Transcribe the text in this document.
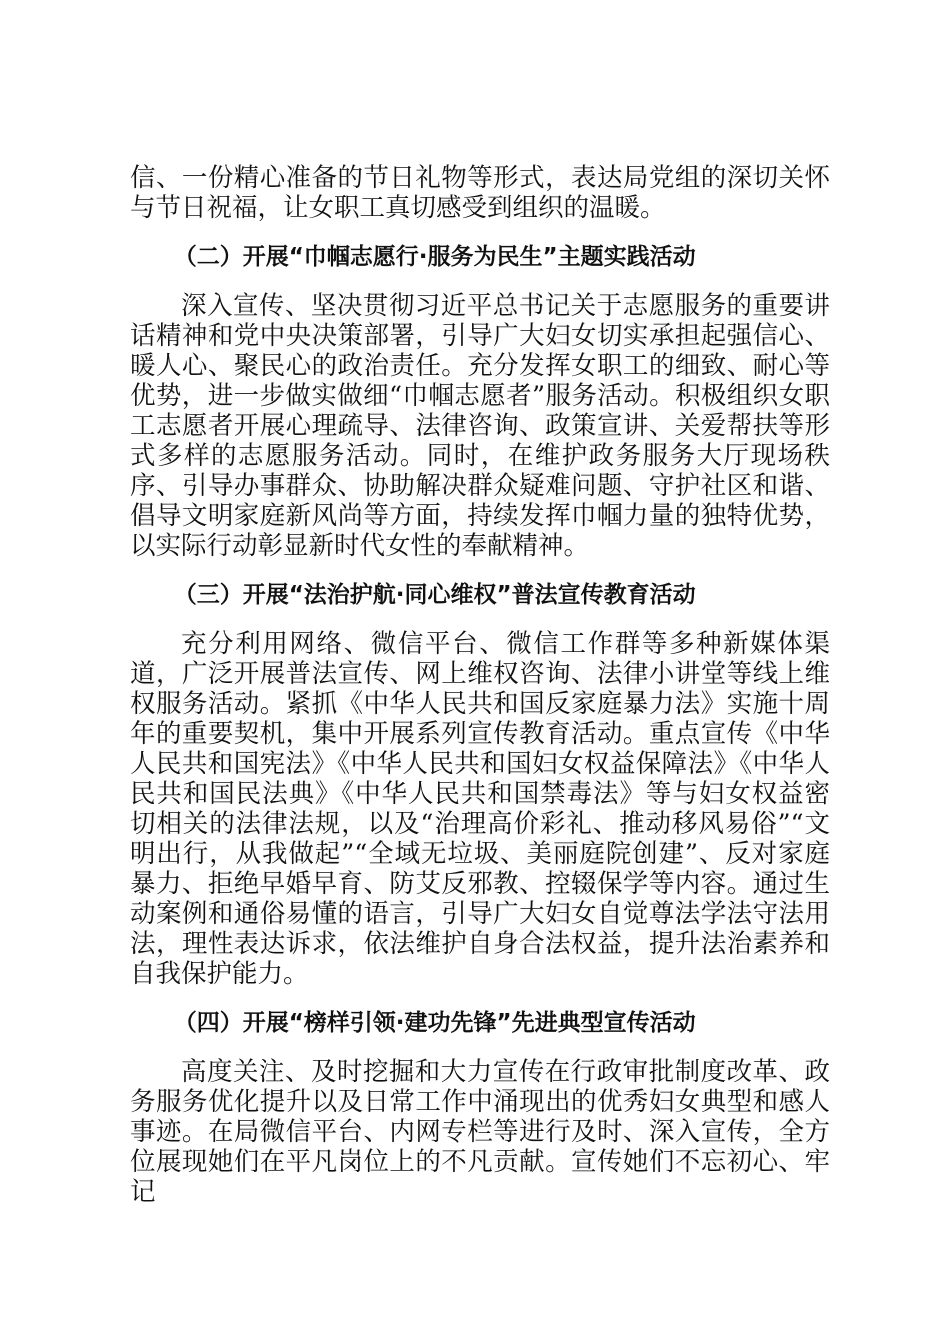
信、一份精心准备的节日礼物等形式，表达局党组的深切关怀与节日祝福，让女职工真切感受到组织的温暖。

（二）开展“巾帼志愿行·服务为民生”主题实践活动

深入宣传、坚决贯彻习近平总书记关于志愿服务的重要讲话精神和党中央决策部署，引导广大妇女切实承担起强信心、暖人心、聚民心的政治责任。充分发挥女职工的细致、耐心等优势，进一步做实做细“巾帼志愿者”服务活动。积极组织女职工志愿者开展心理疏导、法律咨询、政策宣讲、关爱帮扶等形式多样的志愿服务活动。同时，在维护政务服务大厅现场秩序、引导办事群众、协助解决群众疑难问题、守护社区和谐、倡导文明家庭新风尚等方面，持续发挥巾帼力量的独特优势，以实际行动彰显新时代女性的奉献精神。

（三）开展“法治护航·同心维权”普法宣传教育活动

充分利用网络、微信平台、微信工作群等多种新媒体渠道，广泛开展普法宣传、网上维权咨询、法律小讲堂等线上维权服务活动。紧抓《中华人民共和国反家庭暴力法》实施十周年的重要契机，集中开展系列宣传教育活动。重点宣传《中华人民共和国宪法》《中华人民共和国妇女权益保障法》《中华人民共和国民法典》《中华人民共和国禁毒法》等与妇女权益密切相关的法律法规，以及“治理高价彩礼、推动移风易俗”“文明出行，从我做起”“全域无垃圾、美丽庭院创建”、反对家庭暴力、拒绝早婚早育、防艾反邪教、控辍保学等内容。通过生动案例和通俗易懂的语言，引导广大妇女自觉尊法学法守法用法，理性表达诉求，依法维护自身合法权益，提升法治素养和自我保护能力。

（四）开展“榜样引领·建功先锋”先进典型宣传活动

高度关注、及时挖掘和大力宣传在行政审批制度改革、政务服务优化提升以及日常工作中涌现出的优秀妇女典型和感人事迹。在局微信平台、内网专栏等进行及时、深入宣传，全方位展现她们在平凡岗位上的不凡贡献。宣传她们不忘初心、牢记
